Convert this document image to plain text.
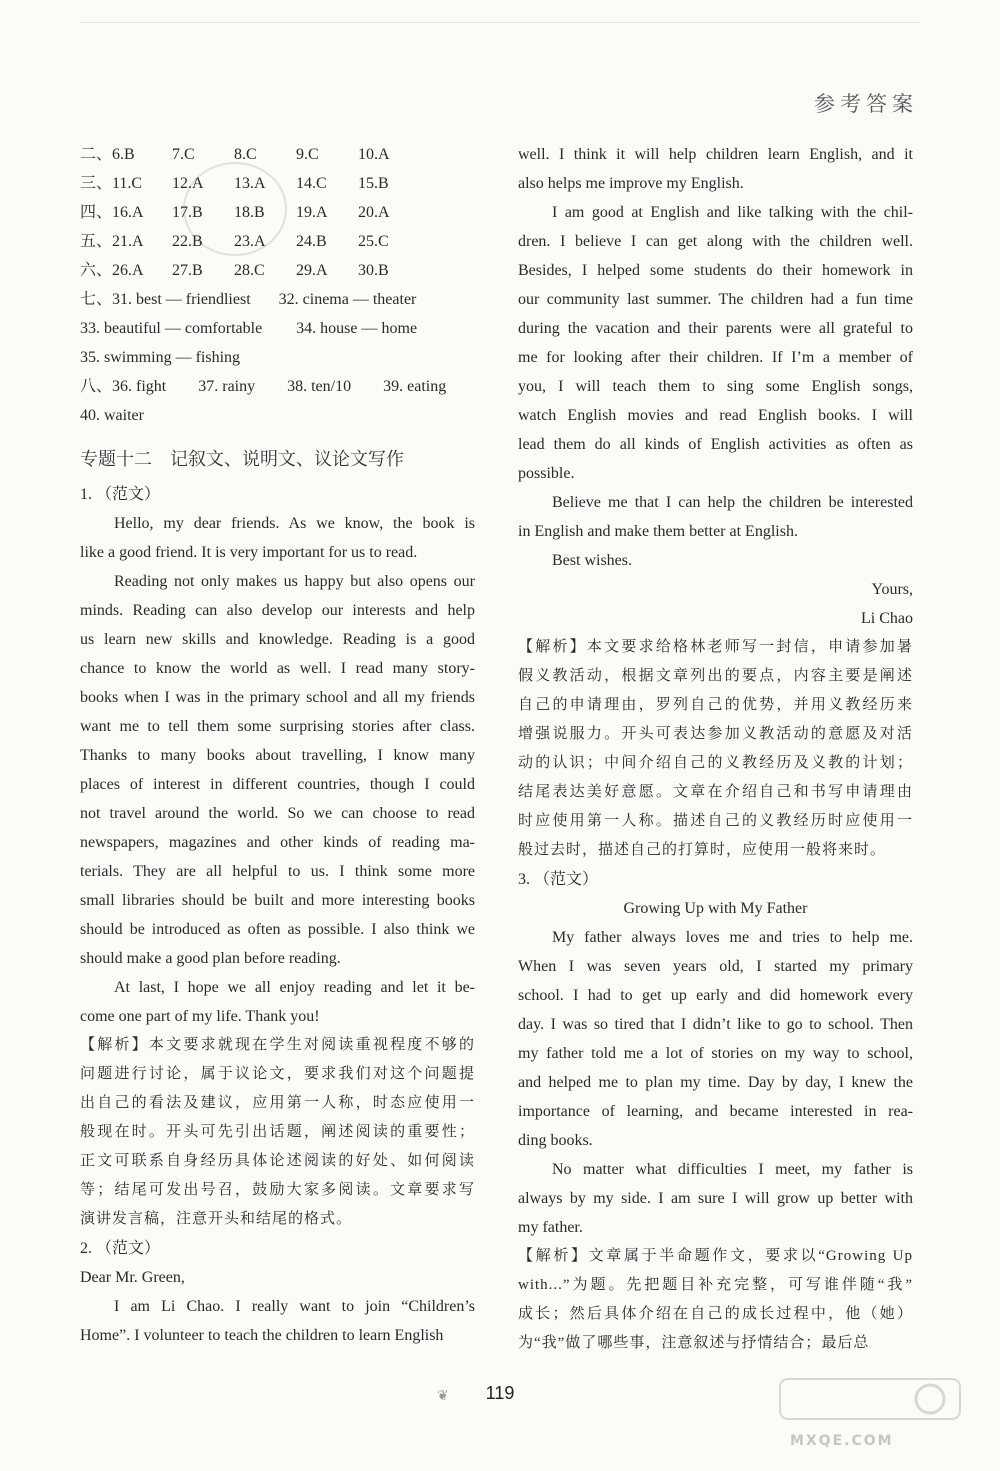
参考答案
二、6.B	7.C	8.C	9.C	10.A
三、11.C	12.A	13.A	14.C	15.B
四、16.A	17.B	18.B	19.A	20.A
五、21.A	22.B	23.A	24.B	25.C
六、26.A	27.B	28.C	29.A	30.B
七、31. best — friendliest 32. cinema — theater
33. beautiful — comfortable 34. house — home
35. swimming — fishing
八、36. fight 37. rainy 38. ten/10 39. eating
40. waiter
专题十二　记叙文、说明文、议论文写作
1. （范文）
Hello, my dear friends. As we know, the book is
like a good friend. It is very important for us to read.
Reading not only makes us happy but also opens our
minds. Reading can also develop our interests and help
us learn new skills and knowledge. Reading is a good
chance to know the world as well. I read many story-
books when I was in the primary school and all my friends
want me to tell them some surprising stories after class.
Thanks to many books about travelling, I know many
places of interest in different countries, though I could
not travel around the world. So we can choose to read
newspapers, magazines and other kinds of reading ma-
terials. They are all helpful to us. I think some more
small libraries should be built and more interesting books
should be introduced as often as possible. I also think we
should make a good plan before reading.
At last, I hope we all enjoy reading and let it be-
come one part of my life. Thank you!
【解析】本文要求就现在学生对阅读重视程度不够的
问题进行讨论，属于议论文，要求我们对这个问题提
出自己的看法及建议，应用第一人称，时态应使用一
般现在时。开头可先引出话题，阐述阅读的重要性；
正文可联系自身经历具体论述阅读的好处、如何阅读
等；结尾可发出号召，鼓励大家多阅读。文章要求写
演讲发言稿，注意开头和结尾的格式。
2. （范文）
Dear Mr. Green,
I am Li Chao. I really want to join “Children’s
Home”. I volunteer to teach the children to learn English
well. I think it will help children learn English, and it
also helps me improve my English.
I am good at English and like talking with the chil-
dren. I believe I can get along with the children well.
Besides, I helped some students do their homework in
our community last summer. The children had a fun time
during the vacation and their parents were all grateful to
me for looking after their children. If I’m a member of
you, I will teach them to sing some English songs,
watch English movies and read English books. I will
lead them do all kinds of English activities as often as
possible.
Believe me that I can help the children be interested
in English and make them better at English.
Best wishes.
Yours,
Li Chao
【解析】本文要求给格林老师写一封信，申请参加暑
假义教活动，根据文章列出的要点，内容主要是阐述
自己的申请理由，罗列自己的优势，并用义教经历来
增强说服力。开头可表达参加义教活动的意愿及对活
动的认识；中间介绍自己的义教经历及义教的计划；
结尾表达美好意愿。文章在介绍自己和书写申请理由
时应使用第一人称。描述自己的义教经历时应使用一
般过去时，描述自己的打算时，应使用一般将来时。
3. （范文）
Growing Up with My Father
My father always loves me and tries to help me.
When I was seven years old, I started my primary
school. I had to get up early and did homework every
day. I was so tired that I didn’t like to go to school. Then
my father told me a lot of stories on my way to school,
and helped me to plan my time. Day by day, I knew the
importance of learning, and became interested in rea-
ding books.
No matter what difficulties I meet, my father is
always by my side. I am sure I will grow up better with
my father.
【解析】文章属于半命题作文，要求以“Growing Up
with...”为题。先把题目补充完整，可写谁伴随“我”
成长；然后具体介绍在自己的成长过程中，他（她）
为“我”做了哪些事，注意叙述与抒情结合；最后总
❦	119
MXQE.COM
